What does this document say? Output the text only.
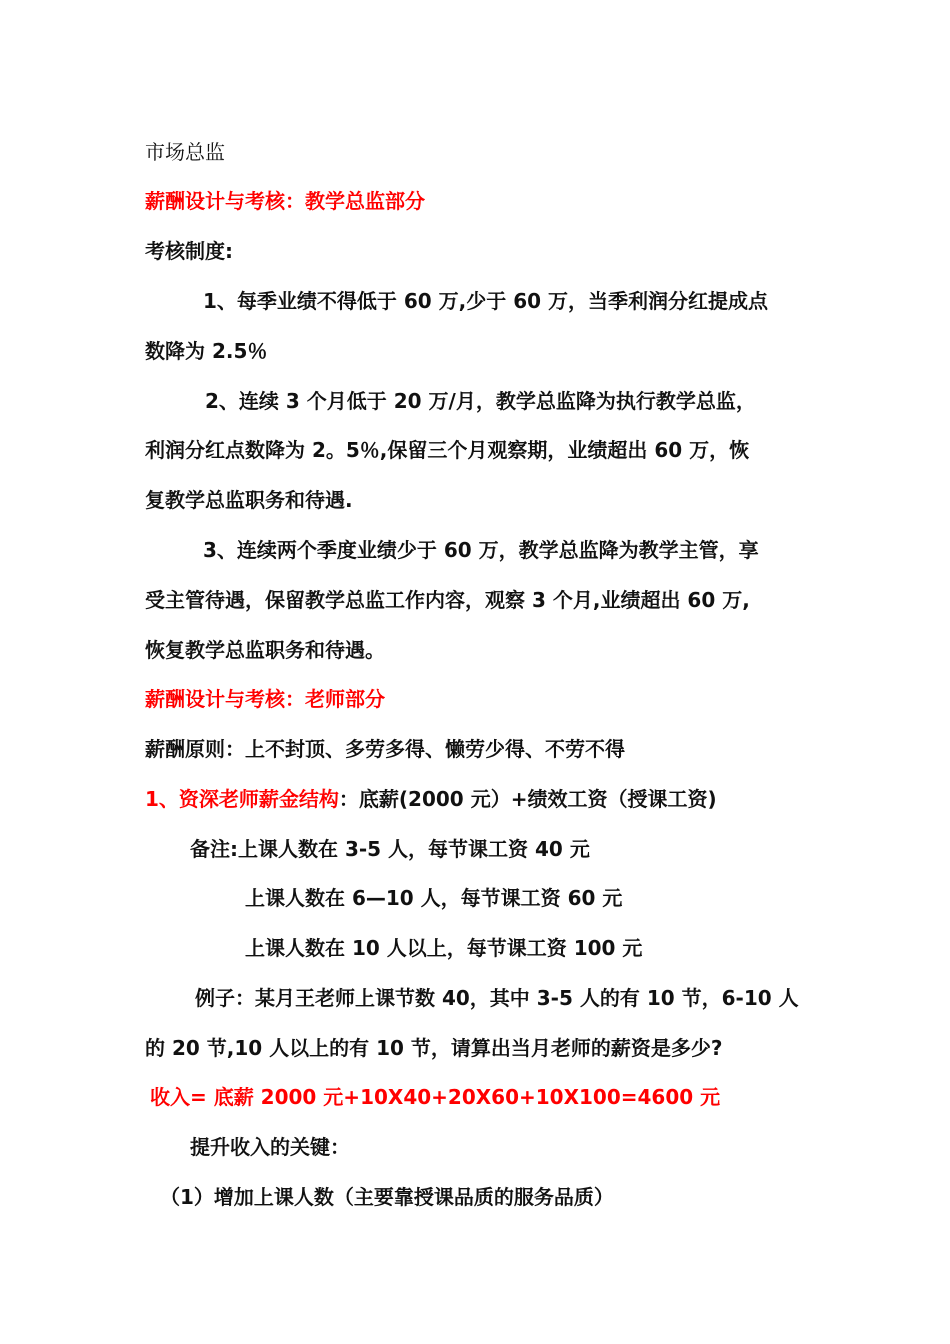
市场总监
薪酬设计与考核：教学总监部分
考核制度:
1、每季业绩不得低于 60 万,少于 60 万，当季利润分红提成点
数降为 2.5％
2、连续 3 个月低于 20 万/月，教学总监降为执行教学总监，
利润分红点数降为 2。5％,保留三个月观察期，业绩超出 60 万，恢
复教学总监职务和待遇.
3、连续两个季度业绩少于 60 万，教学总监降为教学主管，享
受主管待遇，保留教学总监工作内容，观察 3 个月,业绩超出 60 万,
恢复教学总监职务和待遇。
薪酬设计与考核：老师部分
薪酬原则：上不封顶、多劳多得、懒劳少得、不劳不得
1、资深老师薪金结构：底薪(2000 元）+绩效工资（授课工资)
备注:上课人数在 3-5 人，每节课工资 40 元
上课人数在 6—10 人，每节课工资 60 元
上课人数在 10 人以上，每节课工资 100 元
例子：某月王老师上课节数 40，其中 3-5 人的有 10 节，6-10 人
的 20 节,10 人以上的有 10 节，请算出当月老师的薪资是多少?
收入= 底薪 2000 元+10X40+20X60+10X100=4600 元
提升收入的关键：
（1）增加上课人数（主要靠授课品质的服务品质）
